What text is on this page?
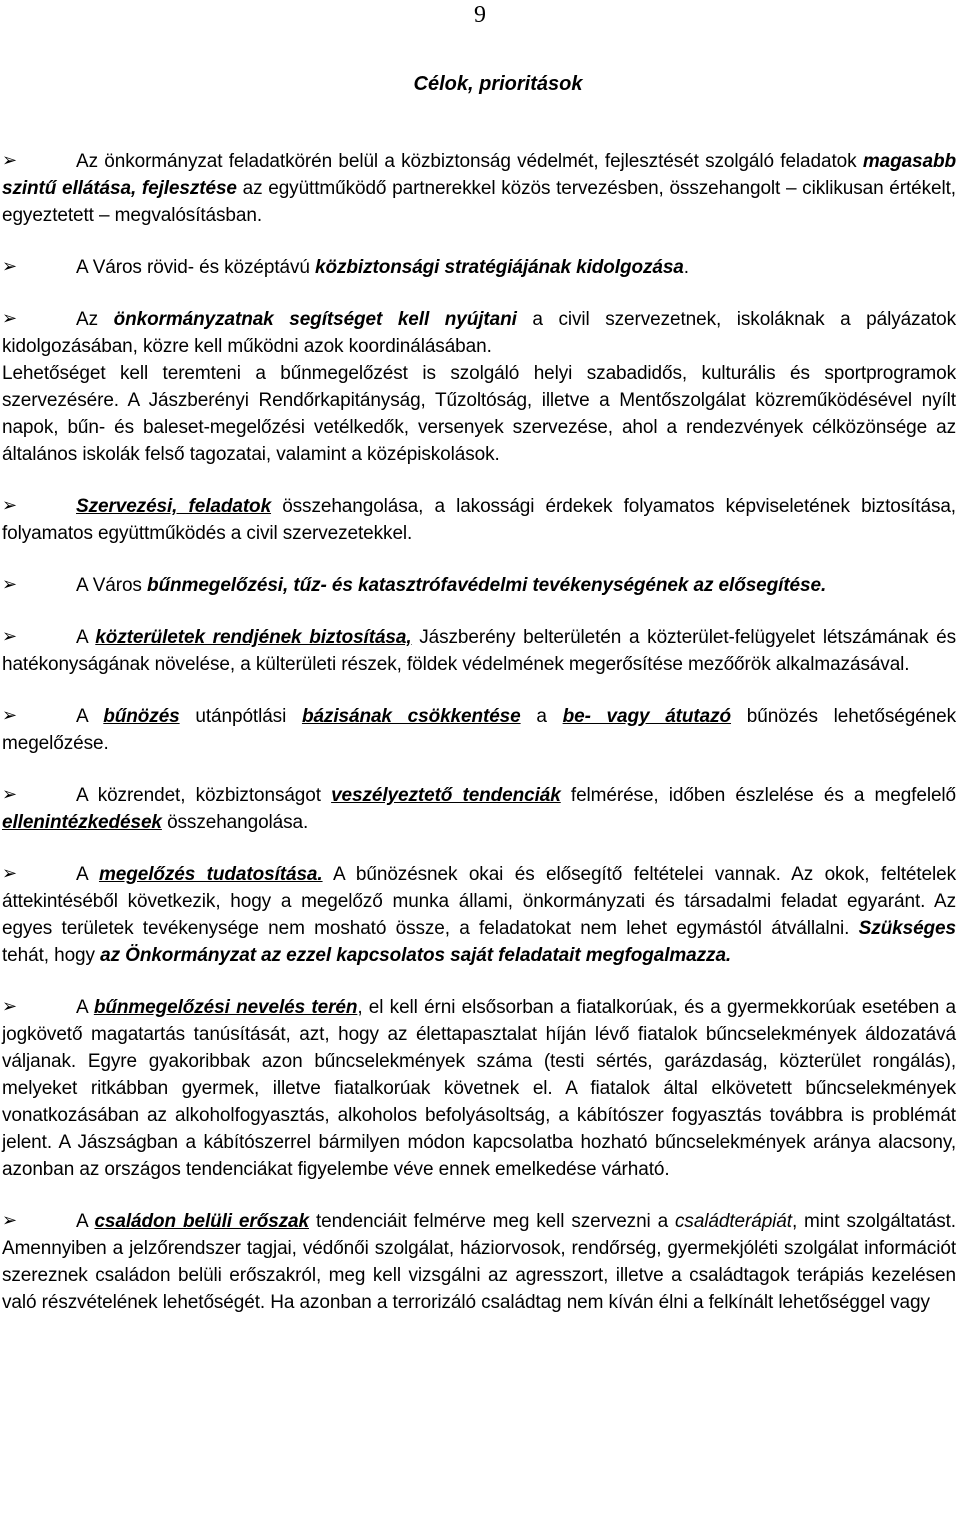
9
Célok, prioritások

➢	Az önkormányzat feladatkörén belül a közbiztonság védelmét, fejlesztését szolgáló feladatok magasabb szintű ellátása, fejlesztése az együttműködő partnerekkel közös tervezésben, összehangolt – ciklikusan értékelt, egyeztetett – megvalósításban.

➢	A Város rövid- és középtávú közbiztonsági stratégiájának kidolgozása.

➢	Az önkormányzatnak segítséget kell nyújtani a civil szervezetnek, iskoláknak a pályázatok kidolgozásában, közre kell működni azok koordinálásában.

Lehetőséget kell teremteni a bűnmegelőzést is szolgáló helyi szabadidős, kulturális és sportprogramok szervezésére. A Jászberényi Rendőrkapitányság, Tűzoltóság, illetve a Mentőszolgálat közreműködésével nyílt napok, bűn- és baleset-megelőzési vetélkedők, versenyek szervezése, ahol a rendezvények célközönsége az általános iskolák felső tagozatai, valamint a középiskolások.

➢	Szervezési, feladatok összehangolása, a lakossági érdekek folyamatos képviseletének biztosítása, folyamatos együttműködés a civil szervezetekkel.

➢	A Város bűnmegelőzési, tűz- és katasztrófavédelmi tevékenységének az elősegítése.

➢	A közterületek rendjének biztosítása, Jászberény belterületén a közterület-felügyelet létszámának és hatékonyságának növelése, a külterületi részek, földek védelmének megerősítése mezőőrök alkalmazásával.

➢	A bűnözés utánpótlási bázisának csökkentése a be- vagy átutazó bűnözés lehetőségének megelőzése.

➢	A közrendet, közbiztonságot veszélyeztető tendenciák felmérése, időben észlelése és a megfelelő ellenintézkedések összehangolása.

➢	A megelőzés tudatosítása. A bűnözésnek okai és elősegítő feltételei vannak. Az okok, feltételek áttekintéséből következik, hogy a megelőző munka állami, önkormányzati és társadalmi feladat egyaránt. Az egyes területek tevékenysége nem mosható össze, a feladatokat nem lehet egymástól átvállalni. Szükséges tehát, hogy az Önkormányzat az ezzel kapcsolatos saját feladatait megfogalmazza.

➢	A bűnmegelőzési nevelés terén, el kell érni elsősorban a fiatalkorúak, és a gyermekkorúak esetében a jogkövető magatartás tanúsítását, azt, hogy az élettapasztalat híján lévő fiatalok bűncselekmények áldozatává váljanak. Egyre gyakoribbak azon bűncselekmények száma (testi sértés, garázdaság, közterület rongálás), melyeket ritkábban gyermek, illetve fiatalkorúak követnek el. A fiatalok által elkövetett bűncselekmények vonatkozásában az alkoholfogyasztás, alkoholos befolyásoltság, a kábítószer fogyasztás továbbra is problémát jelent. A Jászságban a kábítószerrel bármilyen módon kapcsolatba hozható bűncselekmények aránya alacsony, azonban az országos tendenciákat figyelembe véve ennek emelkedése várható.

➢	A családon belüli erőszak tendenciáit felmérve meg kell szervezni a családterápiát, mint szolgáltatást. Amennyiben a jelzőrendszer tagjai, védőnői szolgálat, háziorvosok, rendőrség, gyermekjóléti szolgálat információt szereznek családon belüli erőszakról, meg kell vizsgálni az agresszort, illetve a családtagok terápiás kezelésen való részvételének lehetőségét. Ha azonban a terrorizáló családtag nem kíván élni a felkínált lehetőséggel vagy
